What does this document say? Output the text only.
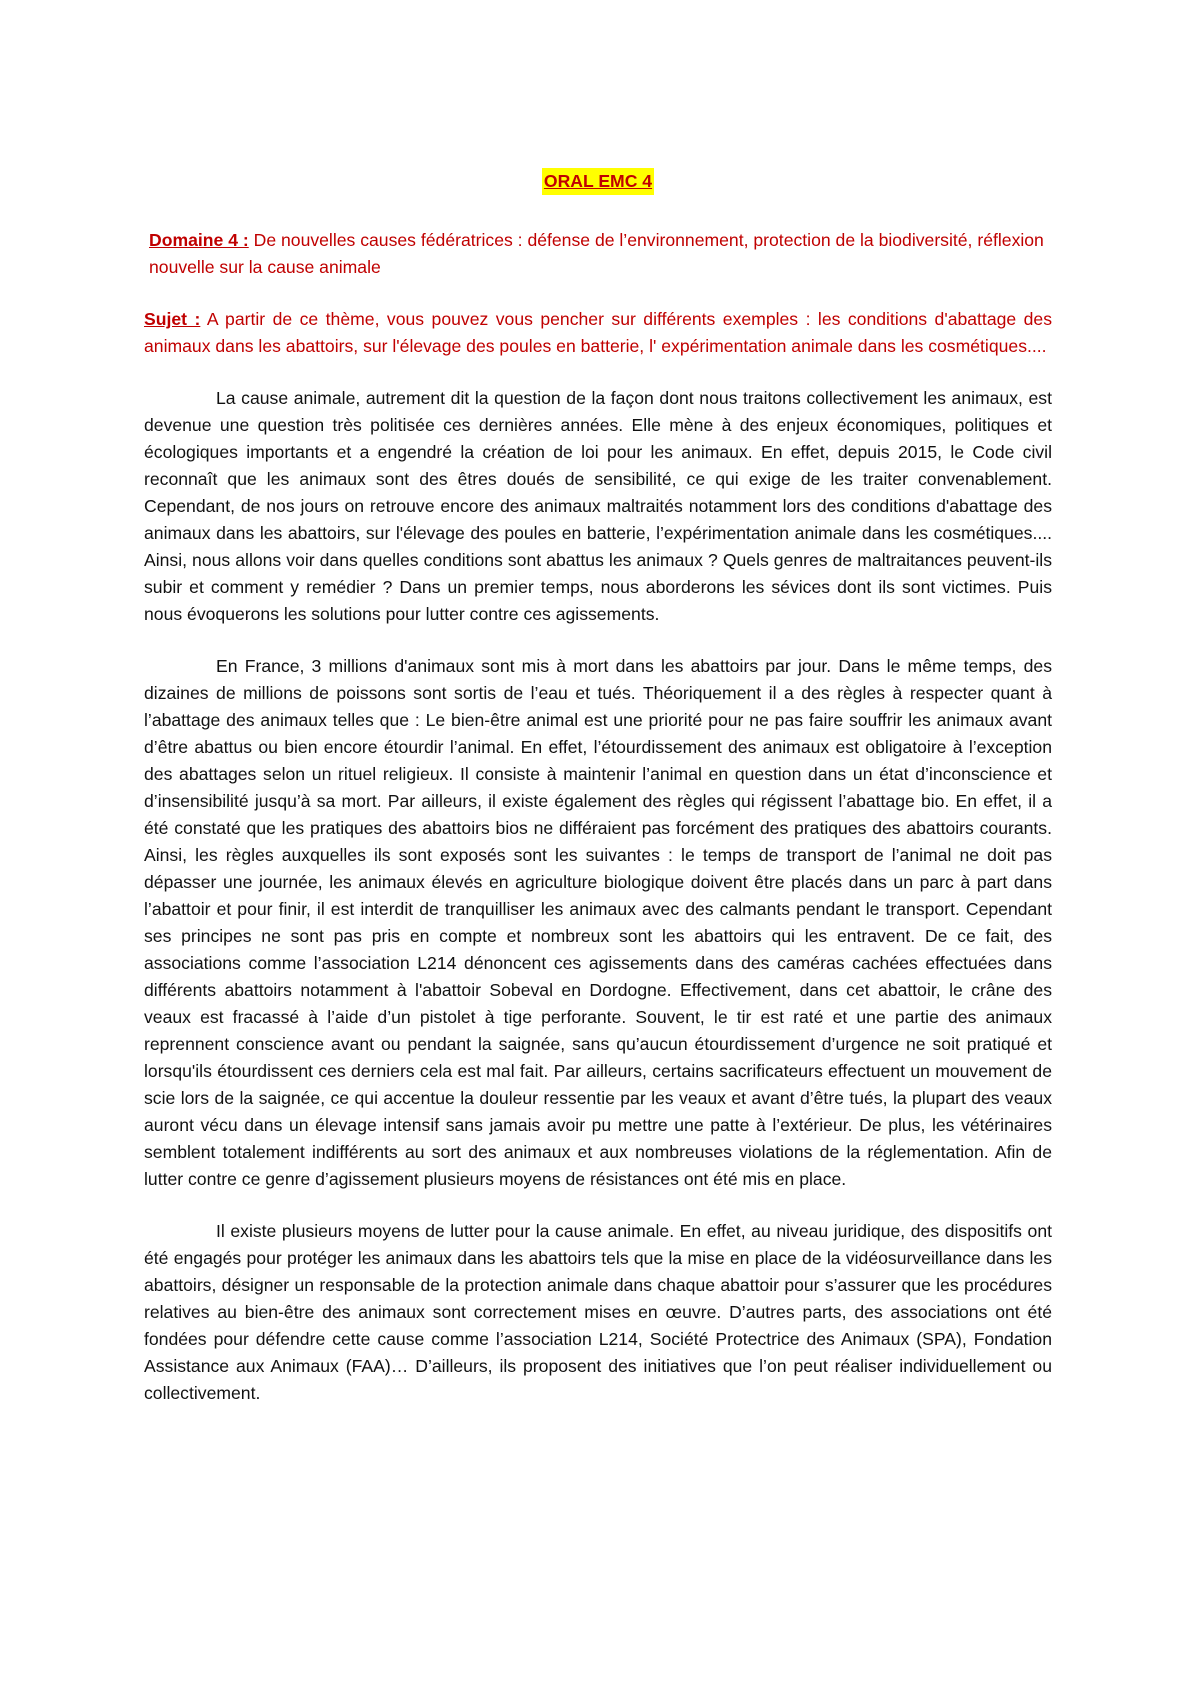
ORAL EMC 4
Domaine 4 : De nouvelles causes fédératrices : défense de l’environnement, protection de la biodiversité, réflexion nouvelle sur la cause animale
Sujet : A partir de ce thème, vous pouvez vous pencher sur différents exemples : les conditions d'abattage des animaux dans les abattoirs, sur l'élevage des poules en batterie, l' expérimentation animale dans les cosmétiques....

La cause animale, autrement dit la question de la façon dont nous traitons collectivement les animaux, est devenue une question très politisée ces dernières années. Elle mène à des enjeux économiques, politiques et écologiques importants et a engendré la création de loi pour les animaux. En effet, depuis 2015, le Code civil reconnaît que les animaux sont des êtres doués de sensibilité, ce qui exige de les traiter convenablement. Cependant, de nos jours on retrouve encore des animaux maltraités notamment lors des conditions d'abattage des animaux dans les abattoirs, sur l'élevage des poules en batterie, l’expérimentation animale dans les cosmétiques.... Ainsi, nous allons voir dans quelles conditions sont abattus les animaux ? Quels genres de maltraitances peuvent-ils subir et comment y remédier ? Dans un premier temps, nous aborderons les sévices dont ils sont victimes. Puis nous évoquerons les solutions pour lutter contre ces agissements.

En France, 3 millions d'animaux sont mis à mort dans les abattoirs par jour. Dans le même temps, des dizaines de millions de poissons sont sortis de l’eau et tués. Théoriquement il a des règles à respecter quant à l’abattage des animaux telles que : Le bien-être animal est une priorité pour ne pas faire souffrir les animaux avant d’être abattus ou bien encore étourdir l’animal. En effet, l’étourdissement des animaux est obligatoire à l’exception des abattages selon un rituel religieux. Il consiste à maintenir l’animal en question dans un état d’inconscience et d’insensibilité jusqu’à sa mort. Par ailleurs, il existe également des règles qui régissent l’abattage bio. En effet, il a été constaté que les pratiques des abattoirs bios ne différaient pas forcément des pratiques des abattoirs courants. Ainsi, les règles auxquelles ils sont exposés sont les suivantes : le temps de transport de l’animal ne doit pas dépasser une journée, les animaux élevés en agriculture biologique doivent être placés dans un parc à part dans l’abattoir et pour finir, il est interdit de tranquilliser les animaux avec des calmants pendant le transport. Cependant ses principes ne sont pas pris en compte et nombreux sont les abattoirs qui les entravent. De ce fait, des associations comme l’association L214 dénoncent ces agissements dans des caméras cachées effectuées dans différents abattoirs notamment à l'abattoir Sobeval en Dordogne. Effectivement, dans cet abattoir, le crâne des veaux est fracassé à l’aide d’un pistolet à tige perforante. Souvent, le tir est raté et une partie des animaux reprennent conscience avant ou pendant la saignée, sans qu’aucun étourdissement d’urgence ne soit pratiqué et lorsqu'ils étourdissent ces derniers cela est mal fait. Par ailleurs, certains sacrificateurs effectuent un mouvement de scie lors de la saignée, ce qui accentue la douleur ressentie par les veaux et avant d’être tués, la plupart des veaux auront vécu dans un élevage intensif sans jamais avoir pu mettre une patte à l’extérieur. De plus, les vétérinaires semblent totalement indifférents au sort des animaux et aux nombreuses violations de la réglementation. Afin de lutter contre ce genre d’agissement plusieurs moyens de résistances ont été mis en place.

Il existe plusieurs moyens de lutter pour la cause animale. En effet, au niveau juridique, des dispositifs ont été engagés pour protéger les animaux dans les abattoirs tels que la mise en place de la vidéosurveillance dans les abattoirs, désigner un responsable de la protection animale dans chaque abattoir pour s’assurer que les procédures relatives au bien-être des animaux sont correctement mises en œuvre. D’autres parts, des associations ont été fondées pour défendre cette cause comme l’association L214, Société Protectrice des Animaux (SPA), Fondation Assistance aux Animaux (FAA)… D’ailleurs, ils proposent des initiatives que l’on peut réaliser individuellement ou collectivement.
